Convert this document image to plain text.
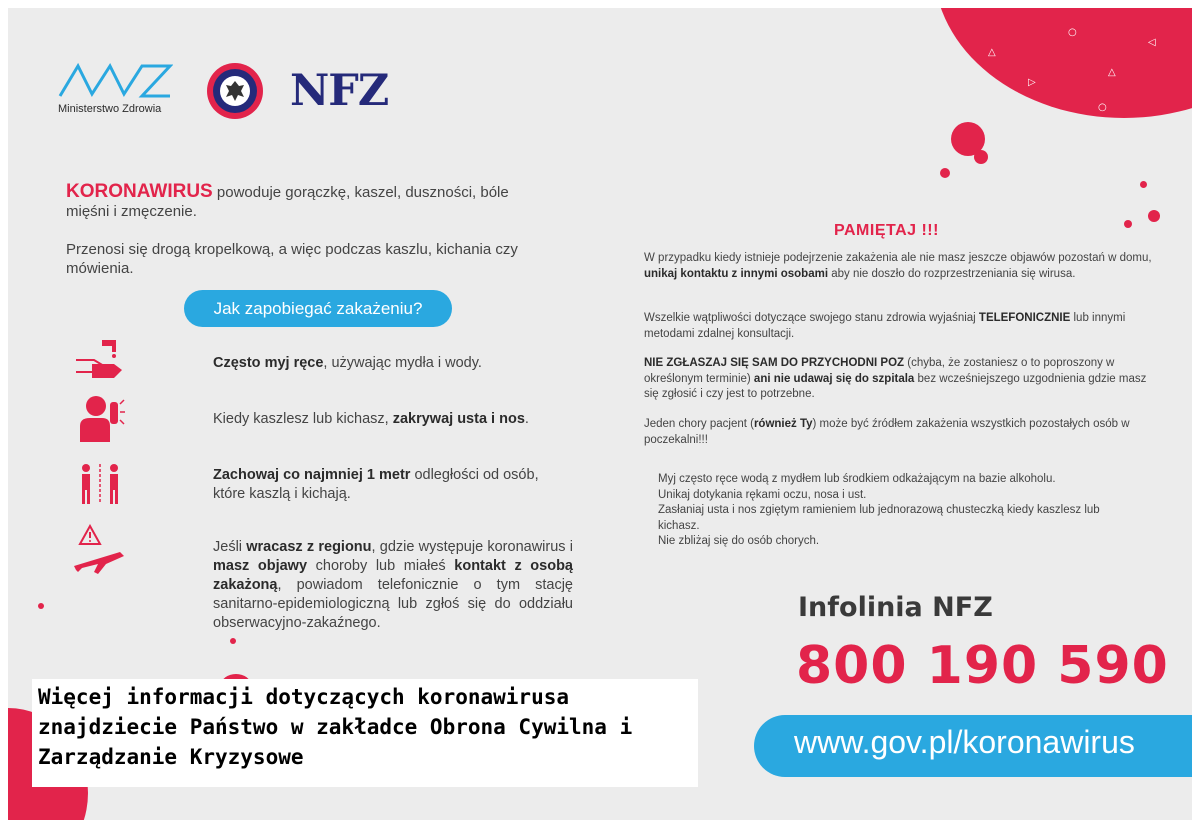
△
▷
○
△
◁
○
Ministerstwo Zdrowia	NFZ
KORONAWIRUS powoduje gorączkę, kaszel, duszności, bóle mięśni i zmęczenie.
Przenosi się drogą kropelkową, a więc podczas kaszlu, kichania czy mówienia.
Jak zapobiegać zakażeniu?
Często myj ręce, używając mydła i wody.
Kiedy kaszlesz lub kichasz, zakrywaj usta i nos.
Zachowaj co najmniej 1 metr odległości od osób, które kaszlą i kichają.
Jeśli wracasz z regionu, gdzie występuje koronawirus i masz objawy choroby lub miałeś kontakt z osobą zakażoną, powiadom telefonicznie o tym stację sanitarno-epidemiologiczną lub zgłoś się do oddziału obserwacyjno-zakaźnego.
PAMIĘTAJ !!!
W przypadku kiedy istnieje podejrzenie zakażenia ale nie masz jeszcze objawów pozostań w domu, unikaj kontaktu z innymi osobami aby nie doszło do rozprzestrzeniania się wirusa.
Wszelkie wątpliwości dotyczące swojego stanu zdrowia wyjaśniaj TELEFONICZNIE lub innymi metodami zdalnej konsultacji.
NIE ZGŁASZAJ SIĘ SAM DO PRZYCHODNI POZ (chyba, że zostaniesz o to poproszony w określonym terminie) ani nie udawaj się do szpitala bez wcześniejszego uzgodnienia gdzie masz się zgłosić i czy jest to potrzebne.
Jeden chory pacjent (również Ty) może być źródłem zakażenia wszystkich pozostałych osób w poczekalni!!!
Myj często ręce wodą z mydłem lub środkiem odkażającym na bazie alkoholu.
Unikaj dotykania rękami oczu, nosa i ust.
Zasłaniaj usta i nos zgiętym ramieniem lub jednorazową chusteczką kiedy kaszlesz lub kichasz.
Nie zbliżaj się do osób chorych.
Infolinia NFZ
800 190 590
www.gov.pl/koronawirus
Więcej informacji dotyczących koronawirusa znajdziecie Państwo w zakładce Obrona Cywilna i Zarządzanie Kryzysowe
